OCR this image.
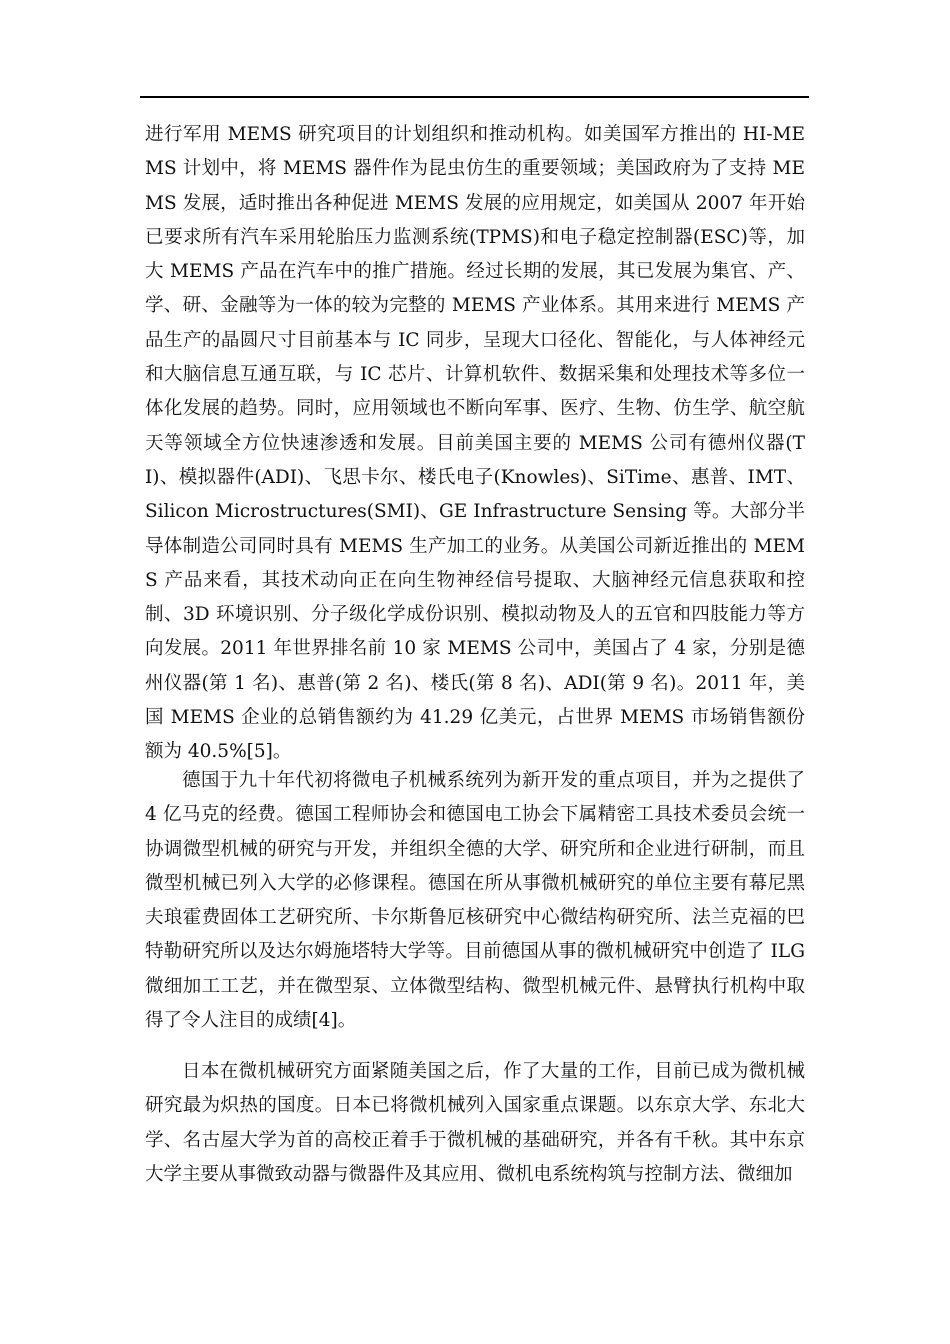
进行军用 MEMS 研究项目的计划组织和推动机构。如美国军方推出的 HI-MEMS 计划中，将 MEMS 器件作为昆虫仿生的重要领域；美国政府为了支持 MEMS 发展，适时推出各种促进 MEMS 发展的应用规定，如美国从 2007 年开始已要求所有汽车采用轮胎压力监测系统(TPMS)和电子稳定控制器(ESC)等，加大 MEMS 产品在汽车中的推广措施。经过长期的发展，其已发展为集官、产、学、研、金融等为一体的较为完整的 MEMS 产业体系。其用来进行 MEMS 产品生产的晶圆尺寸目前基本与 IC 同步，呈现大口径化、智能化，与人体神经元和大脑信息互通互联，与 IC 芯片、计算机软件、数据采集和处理技术等多位一体化发展的趋势。同时，应用领域也不断向军事、医疗、生物、仿生学、航空航天等领域全方位快速渗透和发展。目前美国主要的 MEMS 公司有德州仪器(TI)、模拟器件(ADI)、飞思卡尔、楼氏电子(Knowles)、SiTime、惠普、IMT、Silicon Microstructures(SMI)、GE Infrastructure Sensing 等。大部分半导体制造公司同时具有 MEMS 生产加工的业务。从美国公司新近推出的 MEMS 产品来看，其技术动向正在向生物神经信号提取、大脑神经元信息获取和控制、3D 环境识别、分子级化学成份识别、模拟动物及人的五官和四肢能力等方向发展。2011 年世界排名前 10 家 MEMS 公司中，美国占了 4 家，分别是德州仪器(第 1 名)、惠普(第 2 名)、楼氏(第 8 名)、ADI(第 9 名)。2011 年，美国 MEMS 企业的总销售额约为 41.29 亿美元，占世界 MEMS 市场销售额份额为 40.5%[5]。

德国于九十年代初将微电子机械系统列为新开发的重点项目，并为之提供了 4 亿马克的经费。德国工程师协会和德国电工协会下属精密工具技术委员会统一协调微型机械的研究与开发，并组织全德的大学、研究所和企业进行研制，而且微型机械已列入大学的必修课程。德国在所从事微机械研究的单位主要有幕尼黑夫琅霍费固体工艺研究所、卡尔斯鲁厄核研究中心微结构研究所、法兰克福的巴特勒研究所以及达尔姆施塔特大学等。目前德国从事的微机械研究中创造了 ILG 微细加工工艺，并在微型泵、立体微型结构、微型机械元件、悬臂执行机构中取得了令人注目的成绩[4]。

日本在微机械研究方面紧随美国之后，作了大量的工作，目前已成为微机械研究最为炽热的国度。日本已将微机械列入国家重点课题。以东京大学、东北大学、名古屋大学为首的高校正着手于微机械的基础研究，并各有千秋。其中东京大学主要从事微致动器与微器件及其应用、微机电系统构筑与控制方法、微细加
